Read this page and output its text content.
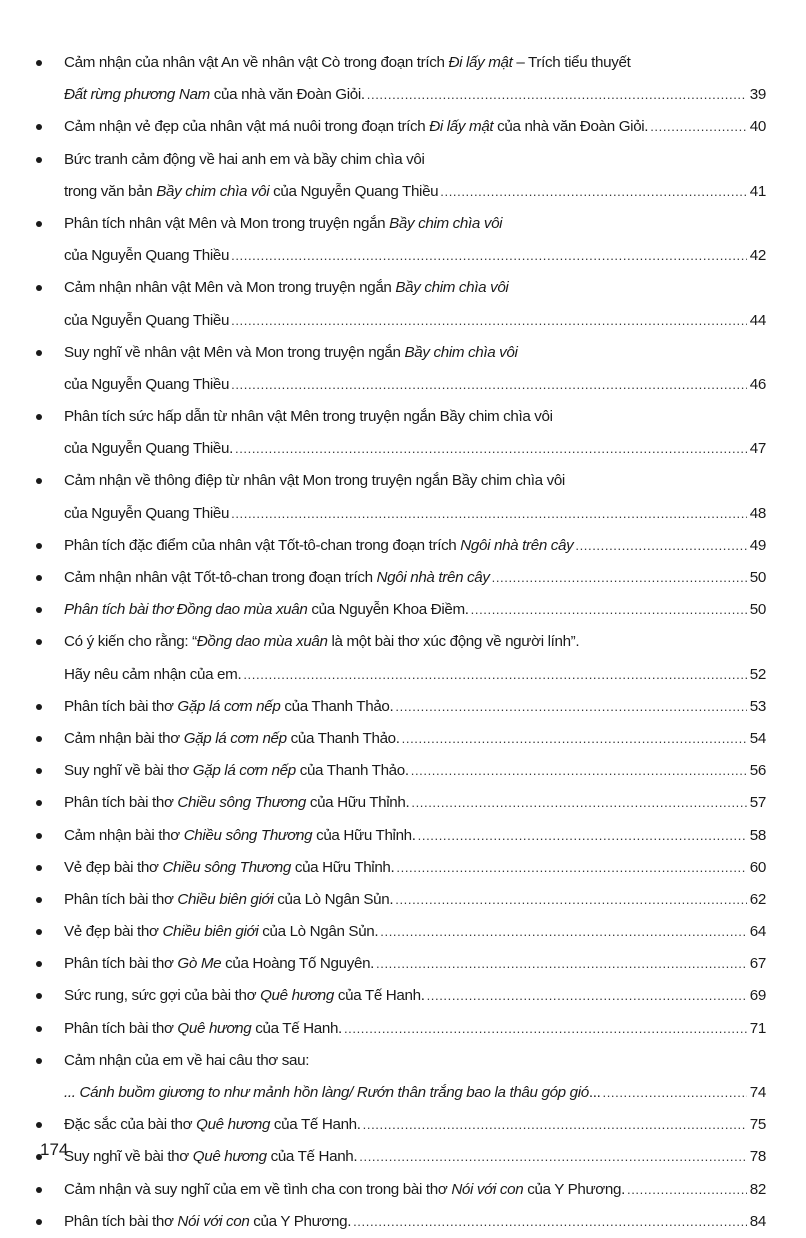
Cảm nhận của nhân vật An về nhân vật Cò trong đoạn trích Đi lấy mật – Trích tiểu thuyết
Đất rừng phương Nam của nhà văn Đoàn Giỏi. .....	39
Cảm nhận vẻ đẹp của nhân vật má nuôi trong đoạn trích Đi lấy mật của nhà văn Đoàn Giỏi. .....	40
Bức tranh cảm động về hai anh em và bầy chim chìa vôi
trong văn bản Bầy chim chìa vôi của Nguyễn Quang Thiều .....	41
Phân tích nhân vật Mên và Mon trong truyện ngắn Bầy chim chìa vôi
của Nguyễn Quang Thiều .....	42
Cảm nhận nhân vật Mên và Mon trong truyện ngắn Bầy chim chìa vôi
của Nguyễn Quang Thiều .....	44
Suy nghĩ về nhân vật Mên và Mon trong truyện ngắn Bầy chim chìa vôi
của Nguyễn Quang Thiều .....	46
Phân tích sức hấp dẫn từ nhân vật Mên trong truyện ngắn Bầy chim chìa vôi
của Nguyễn Quang Thiều. .....	47
Cảm nhận về thông điệp từ nhân vật Mon trong truyện ngắn Bầy chim chìa vôi
của Nguyễn Quang Thiều .....	48
Phân tích đặc điểm của nhân vật Tốt-tô-chan trong đoạn trích Ngôi nhà trên cây .....	49
Cảm nhận nhân vật Tốt-tô-chan trong đoạn trích Ngôi nhà trên cây .....	50
Phân tích bài thơ Đồng dao mùa xuân của Nguyễn Khoa Điềm. .....	50
Có ý kiến cho rằng: “Đồng dao mùa xuân là một bài thơ xúc động về người lính”.
Hãy nêu cảm nhận của em. .....	52
Phân tích bài thơ Gặp lá cơm nếp của Thanh Thảo. .....	53
Cảm nhận bài thơ Gặp lá cơm nếp của Thanh Thảo. .....	54
Suy nghĩ về bài thơ Gặp lá cơm nếp của Thanh Thảo. .....	56
Phân tích bài thơ Chiều sông Thương của Hữu Thỉnh. .....	57
Cảm nhận bài thơ Chiều sông Thương của Hữu Thỉnh. .....	58
Vẻ đẹp bài thơ Chiều sông Thương của Hữu Thỉnh. .....	60
Phân tích bài thơ Chiều biên giới của Lò Ngân Sủn. .....	62
Vẻ đẹp bài thơ Chiều biên giới của Lò Ngân Sủn. .....	64
Phân tích bài thơ Gò Me của Hoàng Tố Nguyên. .....	67
Sức rung, sức gợi của bài thơ Quê hương của Tế Hanh. .....	69
Phân tích bài thơ Quê hương của Tế Hanh. .....	71
Cảm nhận của em về hai câu thơ sau:
... Cánh buồm giương to như mảnh hồn làng/ Rướn thân trắng bao la thâu góp gió... .....	74
Đặc sắc của bài thơ Quê hương của Tế Hanh. .....	75
Suy nghĩ về bài thơ Quê hương của Tế Hanh. .....	78
Cảm nhận và suy nghĩ của em về tình cha con trong bài thơ Nói với con của Y Phương. .....	82
Phân tích bài thơ Nói với con của Y Phương. .....	84
174
